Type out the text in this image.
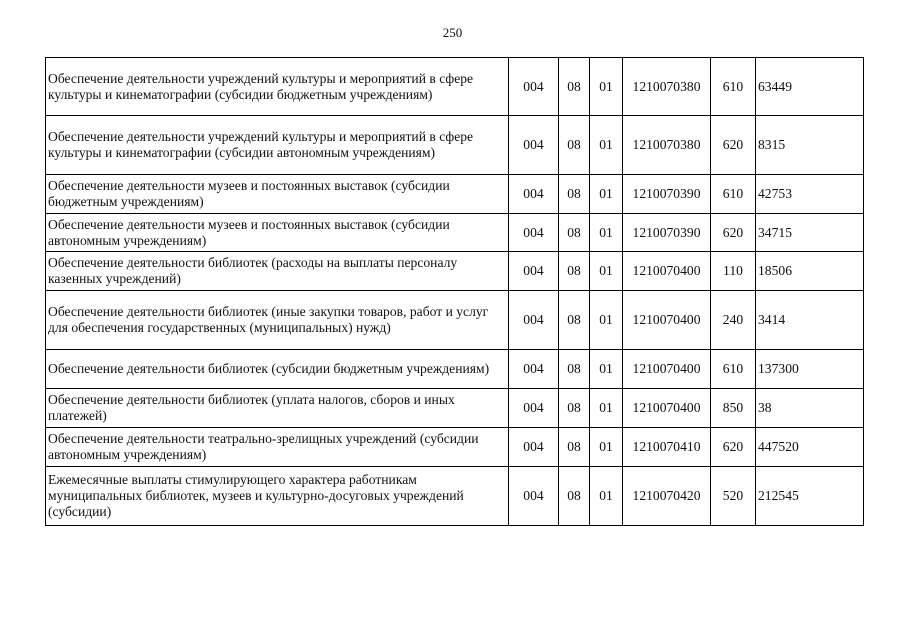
250
Обеспечение деятельности учреждений культуры и мероприятий в сфере культуры и кинематографии (субсидии бюджетным учреждениям)	004	08	01	1210070380	610	63449
Обеспечение деятельности учреждений культуры и мероприятий в сфере культуры и кинематографии (субсидии автономным учреждениям)	004	08	01	1210070380	620	8315
Обеспечение деятельности музеев и постоянных выставок (субсидии бюджетным учреждениям)	004	08	01	1210070390	610	42753
Обеспечение деятельности музеев и постоянных выставок (субсидии автономным учреждениям)	004	08	01	1210070390	620	34715
Обеспечение деятельности библиотек (расходы на выплаты персоналу казенных учреждений)	004	08	01	1210070400	110	18506
Обеспечение деятельности библиотек (иные закупки товаров, работ и услуг для обеспечения государственных (муниципальных) нужд)	004	08	01	1210070400	240	3414
Обеспечение деятельности библиотек (субсидии бюджетным учреждениям)	004	08	01	1210070400	610	137300
Обеспечение деятельности библиотек (уплата налогов, сборов и иных платежей)	004	08	01	1210070400	850	38
Обеспечение деятельности театрально-зрелищных учреждений (субсидии автономным учреждениям)	004	08	01	1210070410	620	447520
Ежемесячные выплаты стимулирующего характера работникам муниципальных библиотек, музеев и культурно-досуговых учреждений (субсидии)	004	08	01	1210070420	520	212545
